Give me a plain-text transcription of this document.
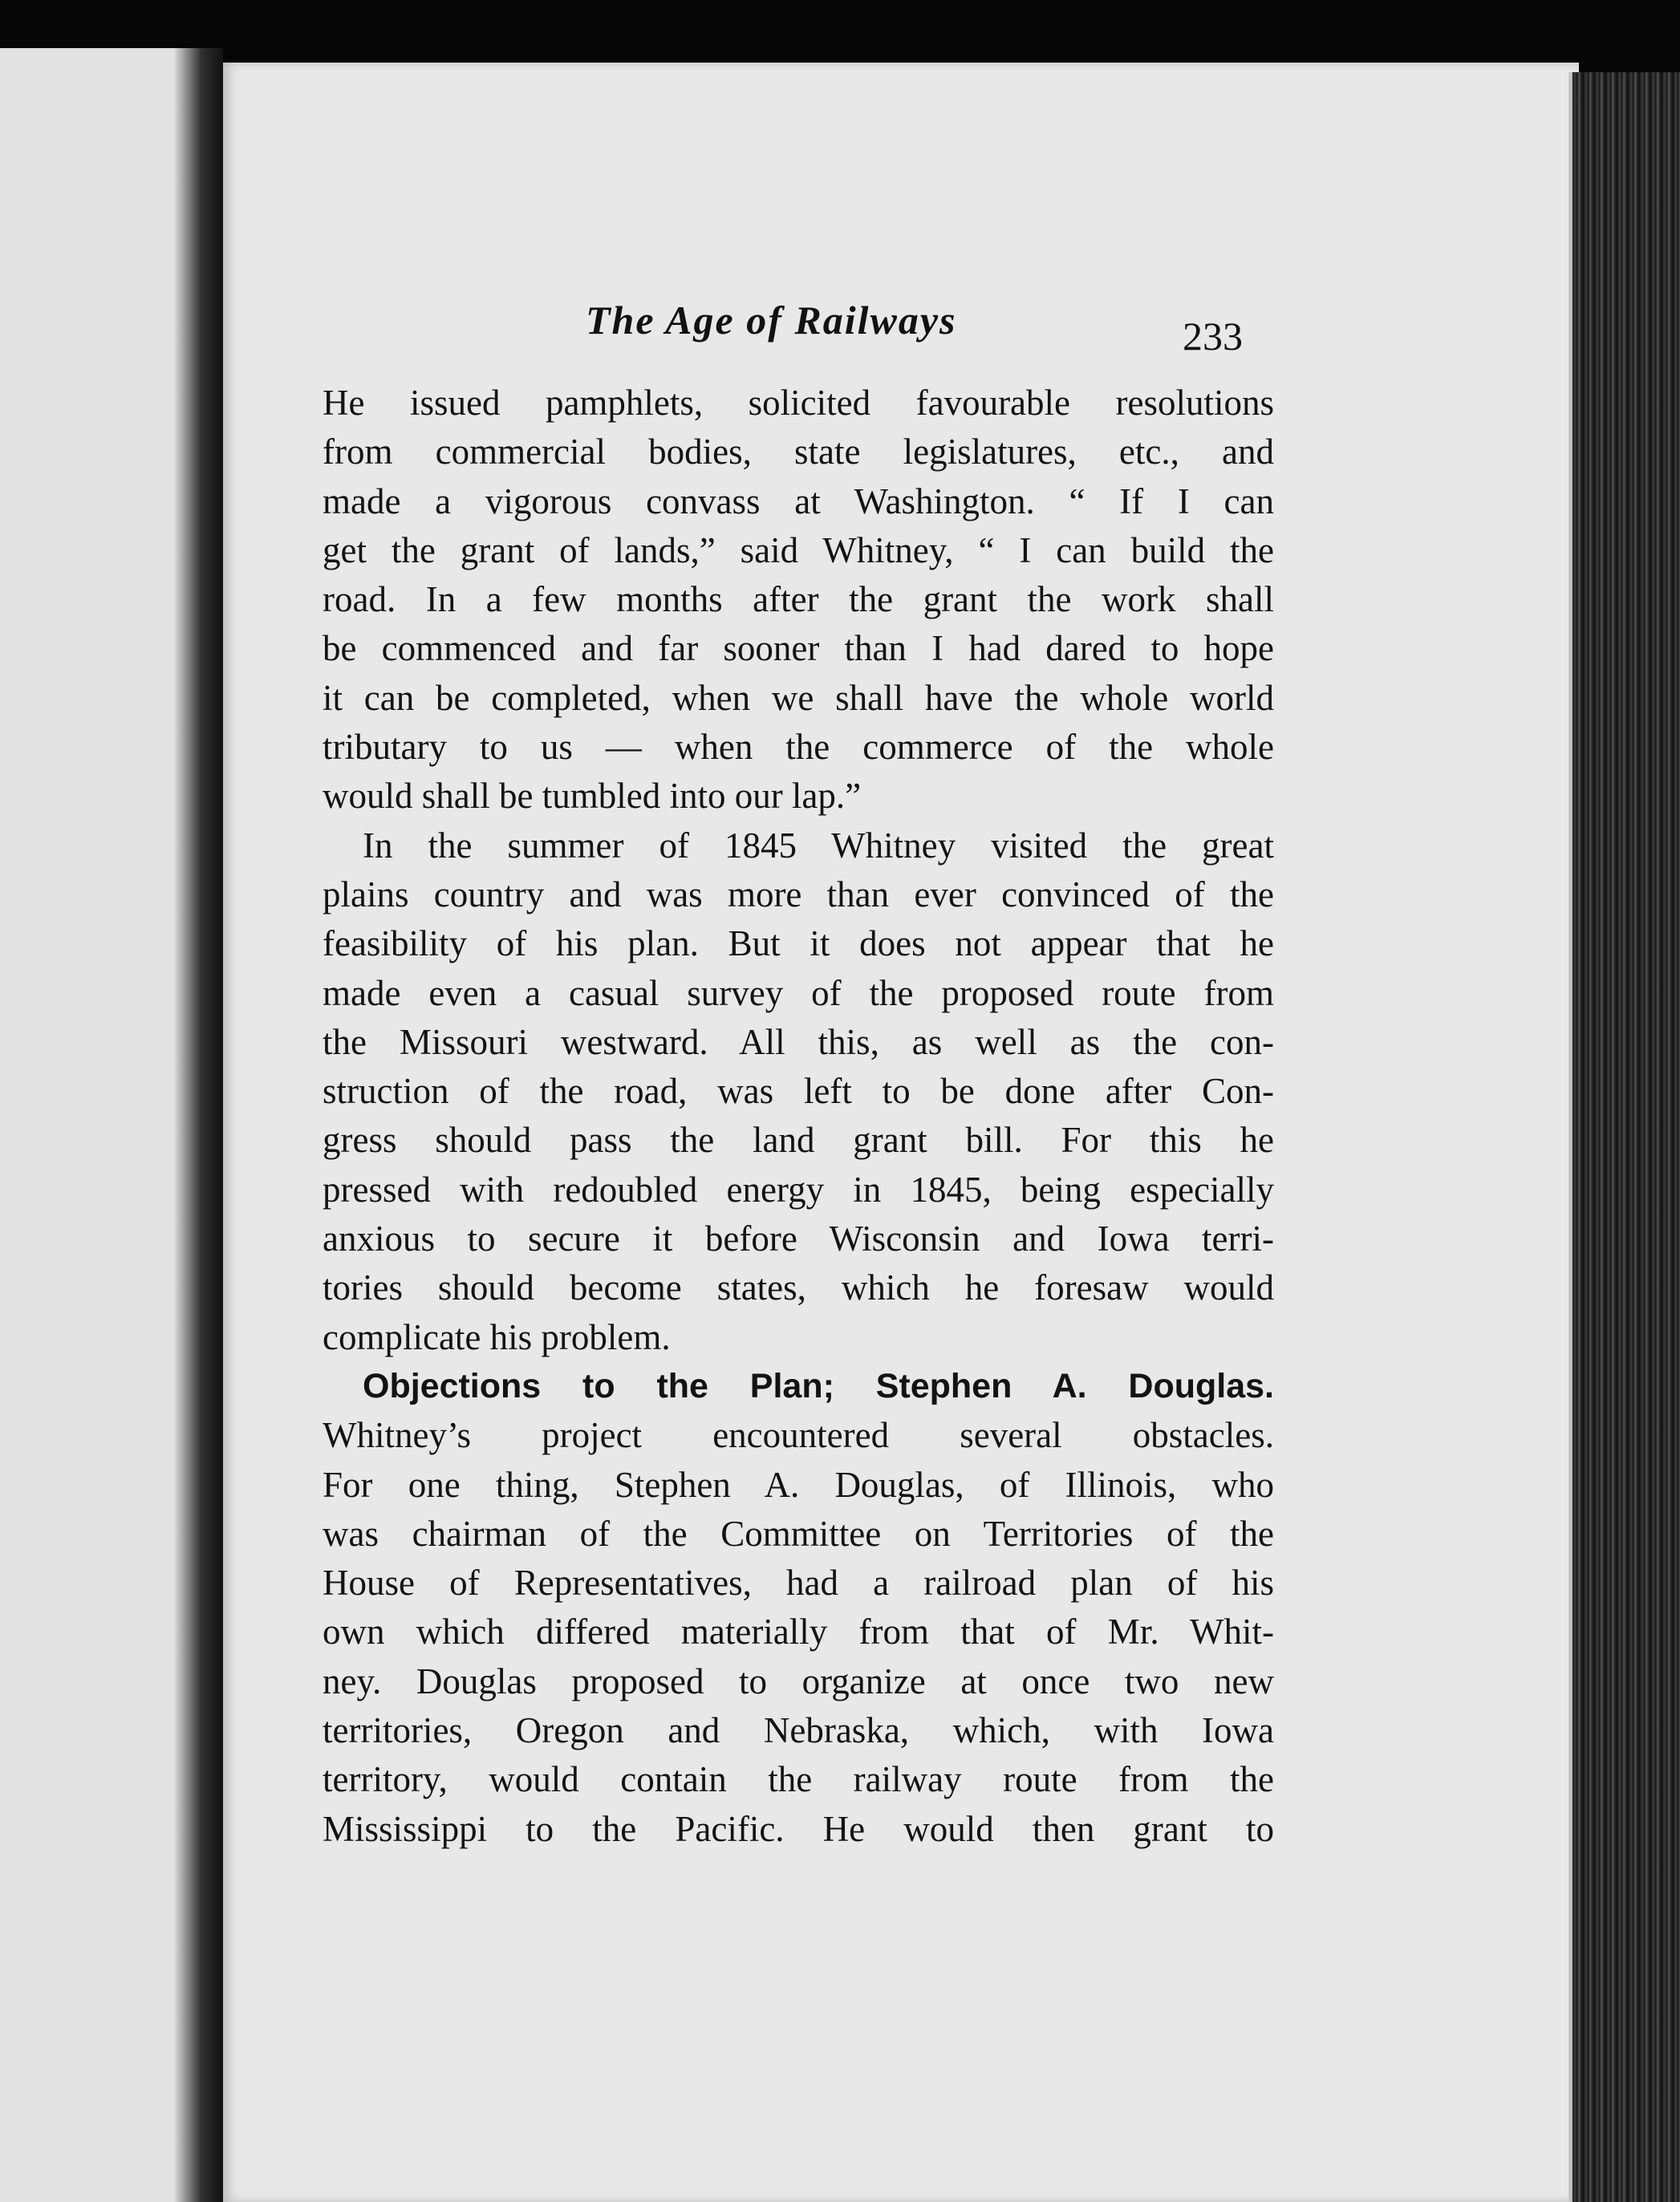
The Age of Railways	233
He issued pamphlets, solicited favourable resolutions
from commercial bodies, state legislatures, etc., and
made a vigorous convass at Washington. “ If I can
get the grant of lands,” said Whitney, “ I can build the
road. In a few months after the grant the work shall
be commenced and far sooner than I had dared to hope
it can be completed, when we shall have the whole world
tributary to us — when the commerce of the whole
would shall be tumbled into our lap.”
In the summer of 1845 Whitney visited the great
plains country and was more than ever convinced of the
feasibility of his plan. But it does not appear that he
made even a casual survey of the proposed route from
the Missouri westward. All this, as well as the con-
struction of the road, was left to be done after Con-
gress should pass the land grant bill. For this he
pressed with redoubled energy in 1845, being especially
anxious to secure it before Wisconsin and Iowa terri-
tories should become states, which he foresaw would
complicate his problem.
Objections to the Plan; Stephen A. Douglas.
Whitney’s project encountered several obstacles.
For one thing, Stephen A. Douglas, of Illinois, who
was chairman of the Committee on Territories of the
House of Representatives, had a railroad plan of his
own which differed materially from that of Mr. Whit-
ney. Douglas proposed to organize at once two new
territories, Oregon and Nebraska, which, with Iowa
territory, would contain the railway route from the
Mississippi to the Pacific. He would then grant to
